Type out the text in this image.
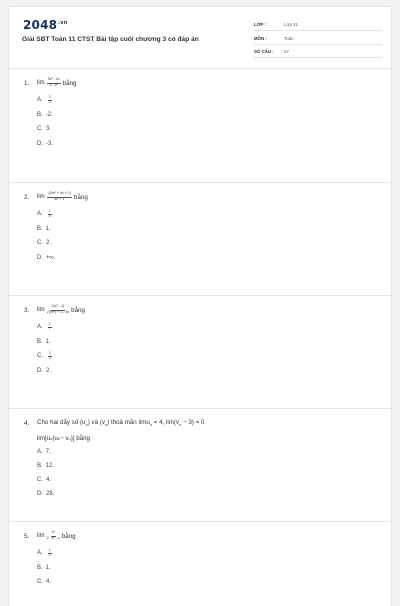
$2048^{.vn}$
Giải SBT Toán 11 CTST Bài tập cuối chương 3 có đáp án
LỚP :	Lớp 11
MÔN :	Toán
SỐ CÂU :	27
1.	$\lim \frac{\text{3x² - 2x}}{\text{2 - x²}}$ bằng
A. $\frac{3}{2}$
B. -2.
C. 3.
D. -3.
2.	$\lim \frac{\text{√(4x² + 4x + 1)}}{4n + 1}$ bằng
A. $\frac{1}{4}$
B. 1.
C. 2.
D. +∞.
3.	$\lim \frac{\text{2(x² - 1)}}{\text{√(9x²) + 1 - 4x}}$ bằng
A. $\frac{2}{7}$
B. 1.
C. $\frac{1}{2}$
D. 2.
4.	Cho hai dãy số $(u_n)$ và $(v_n)$ thoả mãn limu$_n$ = 4, $\lim(v_n - 3) = 0$.
lim[u n (u n − v n )] bằng
A. 7.
B. 12.
C. 4.
D. 28.
5.	$\lim \frac{\text{x²}}{\text{2 - x² - x}}$ bằng
A. $\frac{1}{2}$
B. 1.
C. 4.
